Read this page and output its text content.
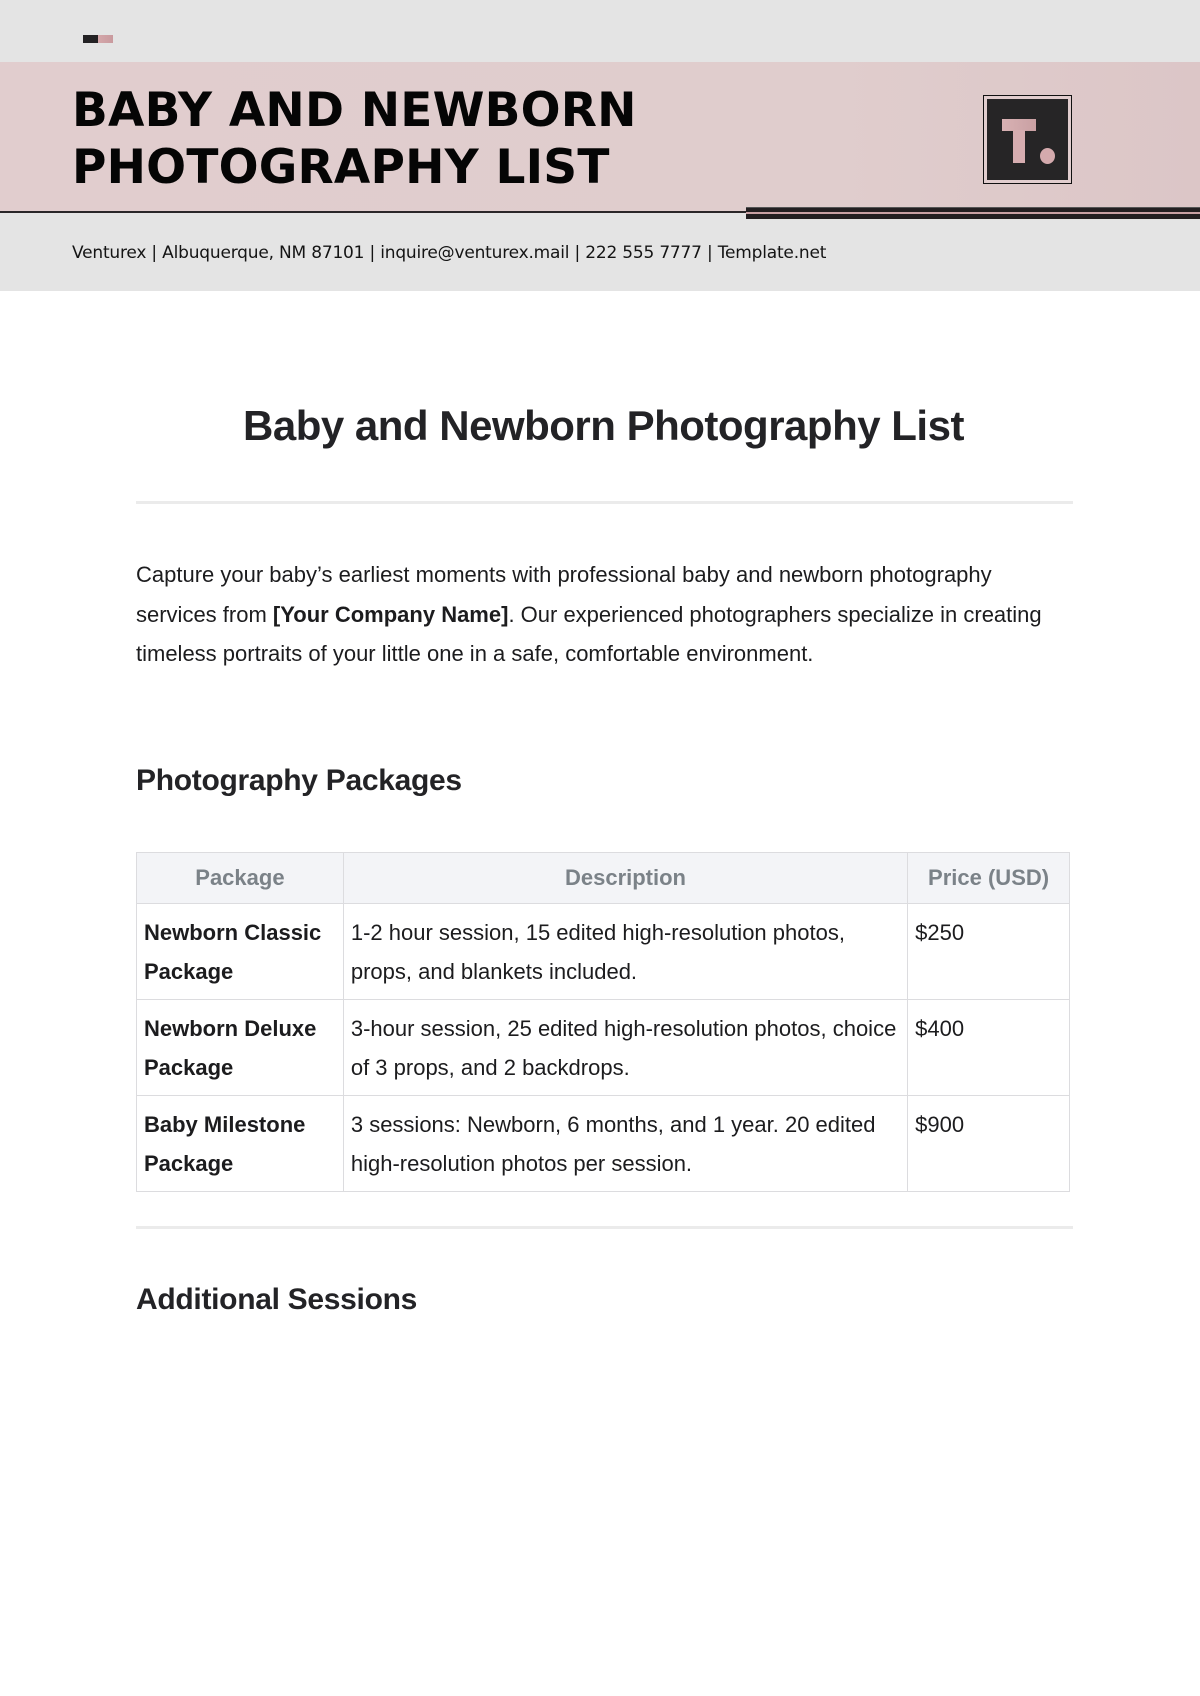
BABY AND NEWBORN
PHOTOGRAPHY LIST
Venturex | Albuquerque, NM 87101 | inquire@venturex.mail | 222 555 7777 | Template.net
Baby and Newborn Photography List

Capture your baby’s earliest moments with professional baby and newborn photography services from [Your Company Name]. Our experienced photographers specialize in creating timeless portraits of your little one in a safe, comfortable environment.

Photography Packages
Package	Description	Price (USD)
Newborn Classic Package	1-2 hour session, 15 edited high-resolution photos, props, and blankets included.	$250
Newborn Deluxe Package	3-hour session, 25 edited high-resolution photos, choice of 3 props, and 2 backdrops.	$400
Baby Milestone Package	3 sessions: Newborn, 6 months, and 1 year. 20 edited high-resolution photos per session.	$900
Additional Sessions
